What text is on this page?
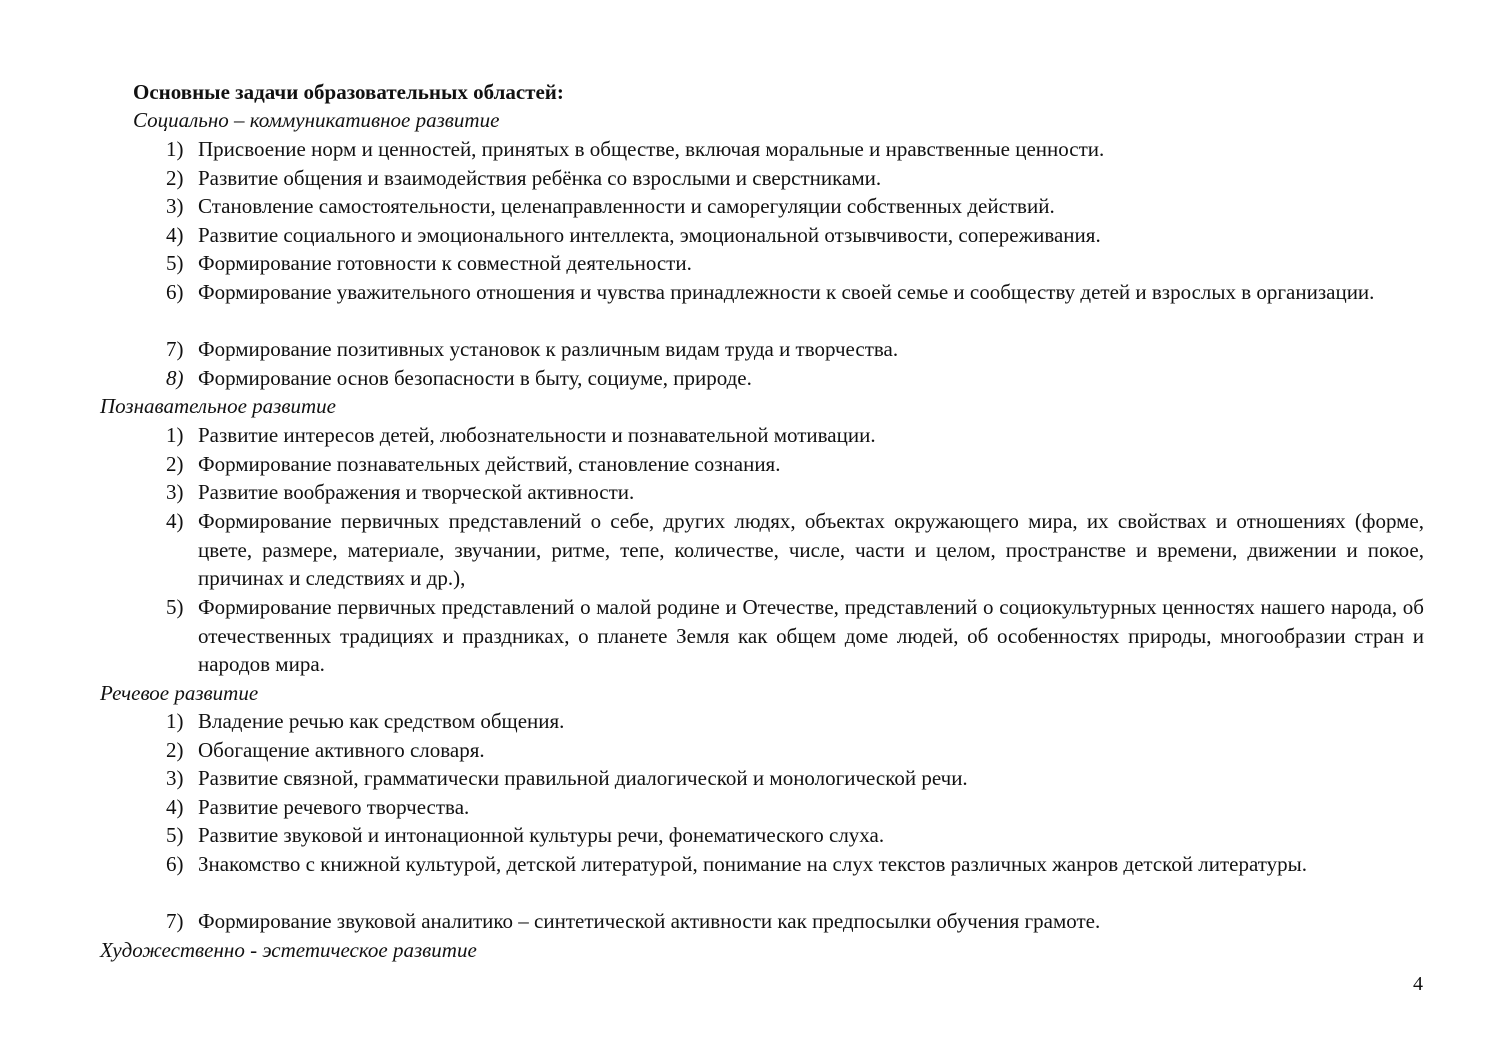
Основные задачи образовательных областей:
Социально – коммуникативное развитие
1) Присвоение норм и ценностей, принятых в обществе, включая моральные и нравственные ценности.
2) Развитие общения и взаимодействия ребёнка со взрослыми и сверстниками.
3) Становление самостоятельности, целенаправленности и саморегуляции собственных действий.
4) Развитие социального и эмоционального интеллекта, эмоциональной отзывчивости, сопереживания.
5) Формирование готовности к совместной деятельности.
6) Формирование уважительного отношения и чувства принадлежности к своей семье и сообществу детей и взрослых в организации.
7) Формирование позитивных установок к различным видам труда и творчества.
8) Формирование основ безопасности в быту, социуме, природе.
Познавательное развитие
1) Развитие интересов детей, любознательности и познавательной мотивации.
2) Формирование познавательных действий, становление сознания.
3) Развитие воображения и творческой активности.
4) Формирование первичных представлений о себе, других людях, объектах окружающего мира, их свойствах и отношениях (форме, цвете, размере, материале, звучании, ритме, тепе, количестве, числе, части и целом, пространстве и времени, движении и покое, причинах и следствиях и др.),
5) Формирование первичных представлений о малой родине и Отечестве, представлений о социокультурных ценностях нашего народа, об отечественных традициях и праздниках, о планете Земля как общем доме людей, об особенностях природы, многообразии стран и народов мира.
Речевое развитие
1) Владение речью как средством общения.
2) Обогащение активного словаря.
3) Развитие связной, грамматически правильной диалогической и монологической речи.
4) Развитие речевого творчества.
5) Развитие звуковой и интонационной культуры речи, фонематического слуха.
6) Знакомство с книжной культурой, детской литературой, понимание на слух текстов различных жанров детской литературы.
7) Формирование звуковой аналитико – синтетической активности как предпосылки обучения грамоте.
Художественно - эстетическое развитие
4
